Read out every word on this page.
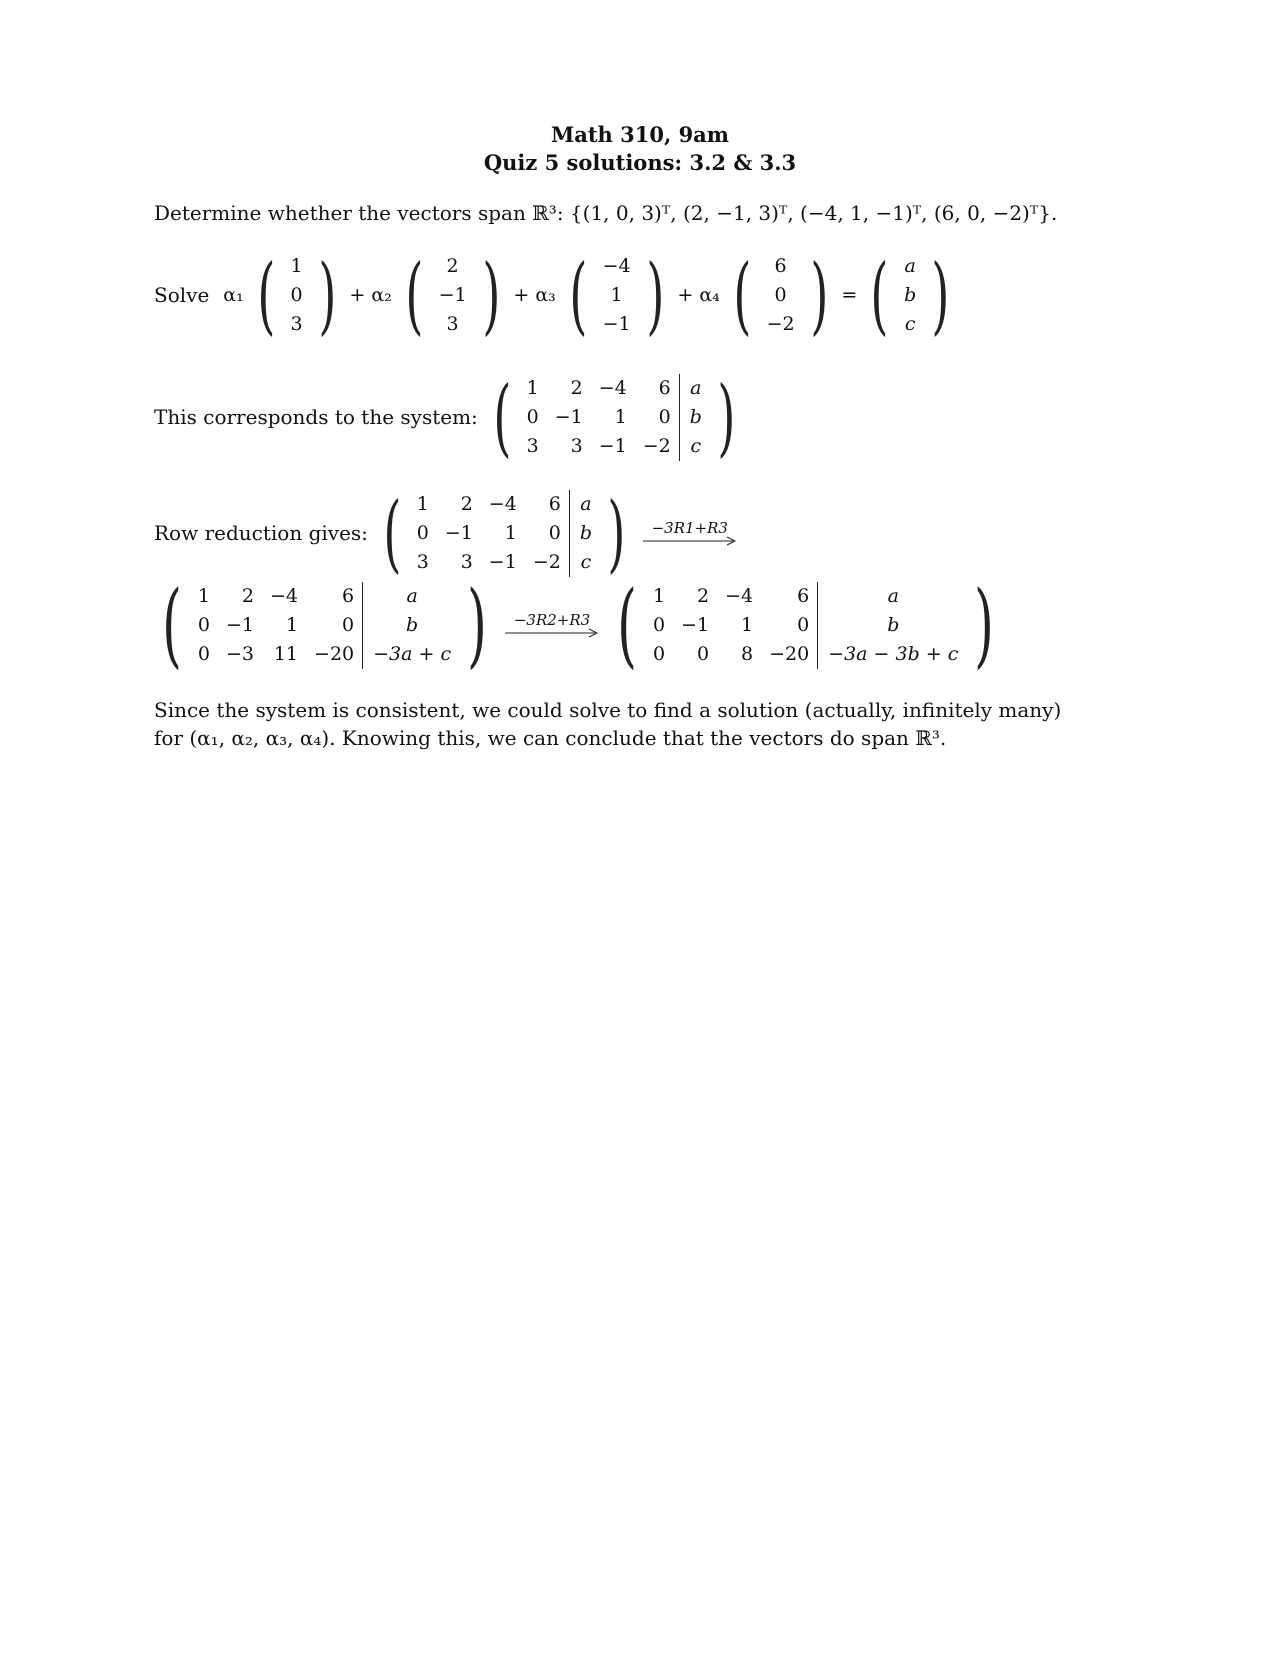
Math 310, 9am
Quiz 5 solutions: 3.2 & 3.3
Determine whether the vectors span ℝ³: {(1, 0, 3)ᵀ, (2, −1, 3)ᵀ, (−4, 1, −1)ᵀ, (6, 0, −2)ᵀ}.
Solve α₁ ( 1
0
3 ) + α₂ ( 2
−1
3 ) + α₃ ( −4
1
−1 ) + α₄ ( 6
0
−2 ) = ( a
b
c )
This corresponds to the system: ( 1	2	−4	6	a
0	−1	1	0	b
3	3	−1	−2	c )
Row reduction gives: ( 1	2	−4	6	a
0	−1	1	0	b
3	3	−1	−2	c ) −3R1+R3
( 1	2	−4	6	a
0	−1	1	0	b
0	−3	11	−20	−3a + c ) −3R2+R3 ( 1	2	−4	6	a
0	−1	1	0	b
0	0	8	−20	−3a − 3b + c )
Since the system is consistent, we could solve to find a solution (actually, infinitely many) for (α₁, α₂, α₃, α₄). Knowing this, we can conclude that the vectors do span ℝ³.
